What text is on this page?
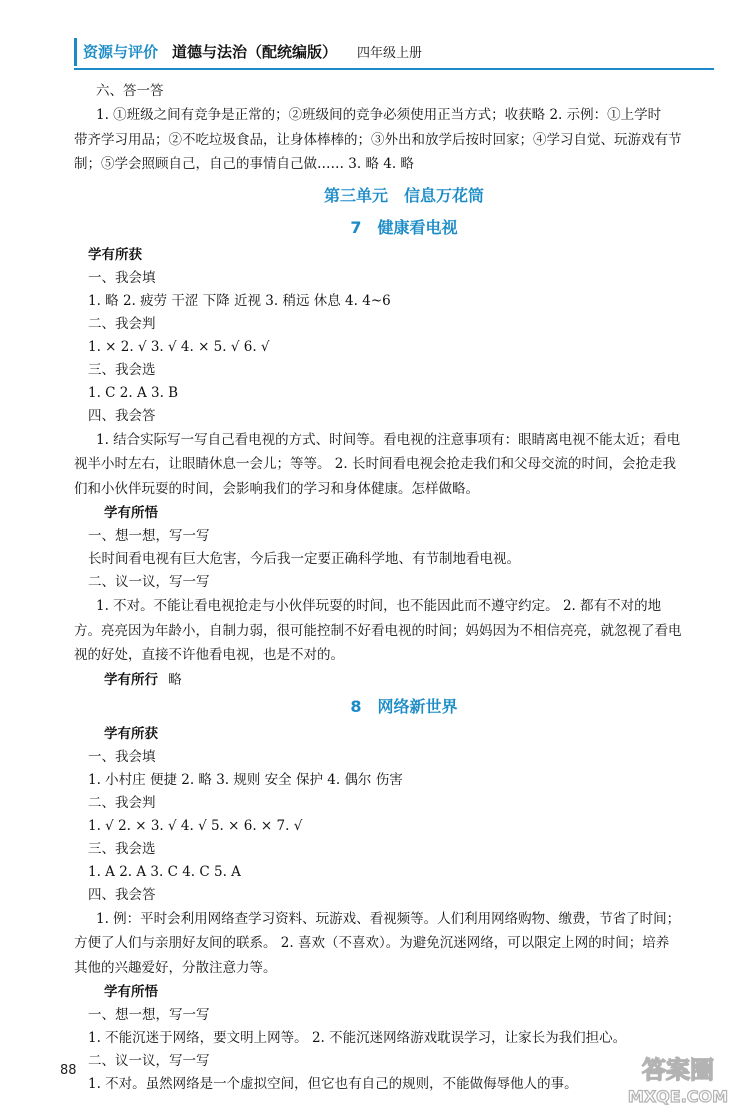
资源与评价 道德与法治（配统编版） 四年级上册
六、答一答
1. ①班级之间有竞争是正常的；②班级间的竞争必须使用正当方式；收获略 2. 示例：①上学时
带齐学习用品；②不吃垃圾食品，让身体棒棒的；③外出和放学后按时回家；④学习自觉、玩游戏有节
制；⑤学会照顾自己，自己的事情自己做…… 3. 略 4. 略
第三单元　信息万花筒
7　健康看电视
学有所获
一、我会填
1. 略 2. 疲劳 干涩 下降 近视 3. 稍远 休息 4. 4~6
二、我会判
1. × 2. √ 3. √ 4. × 5. √ 6. √
三、我会选
1. C 2. A 3. B
四、我会答
1. 结合实际写一写自己看电视的方式、时间等。看电视的注意事项有：眼睛离电视不能太近；看电
视半小时左右，让眼睛休息一会儿；等等。 2. 长时间看电视会抢走我们和父母交流的时间，会抢走我
们和小伙伴玩耍的时间，会影响我们的学习和身体健康。怎样做略。
学有所悟
一、想一想，写一写
长时间看电视有巨大危害，今后我一定要正确科学地、有节制地看电视。
二、议一议，写一写
1. 不对。不能让看电视抢走与小伙伴玩耍的时间，也不能因此而不遵守约定。 2. 都有不对的地
方。亮亮因为年龄小，自制力弱，很可能控制不好看电视的时间；妈妈因为不相信亮亮，就忽视了看电
视的好处，直接不许他看电视，也是不对的。
学有所行 略
8　网络新世界
学有所获
一、我会填
1. 小村庄 便捷 2. 略 3. 规则 安全 保护 4. 偶尔 伤害
二、我会判
1. √ 2. × 3. √ 4. √ 5. × 6. × 7. √
三、我会选
1. A 2. A 3. C 4. C 5. A
四、我会答
1. 例：平时会利用网络查学习资料、玩游戏、看视频等。人们利用网络购物、缴费，节省了时间；
方便了人们与亲朋好友间的联系。 2. 喜欢（不喜欢）。为避免沉迷网络，可以限定上网的时间；培养
其他的兴趣爱好，分散注意力等。
学有所悟
一、想一想，写一写
1. 不能沉迷于网络，要文明上网等。 2. 不能沉迷网络游戏耽误学习，让家长为我们担心。
二、议一议，写一写
1. 不对。虽然网络是一个虚拟空间，但它也有自己的规则，不能做侮辱他人的事。
88	答案圈
MXQE.COM
